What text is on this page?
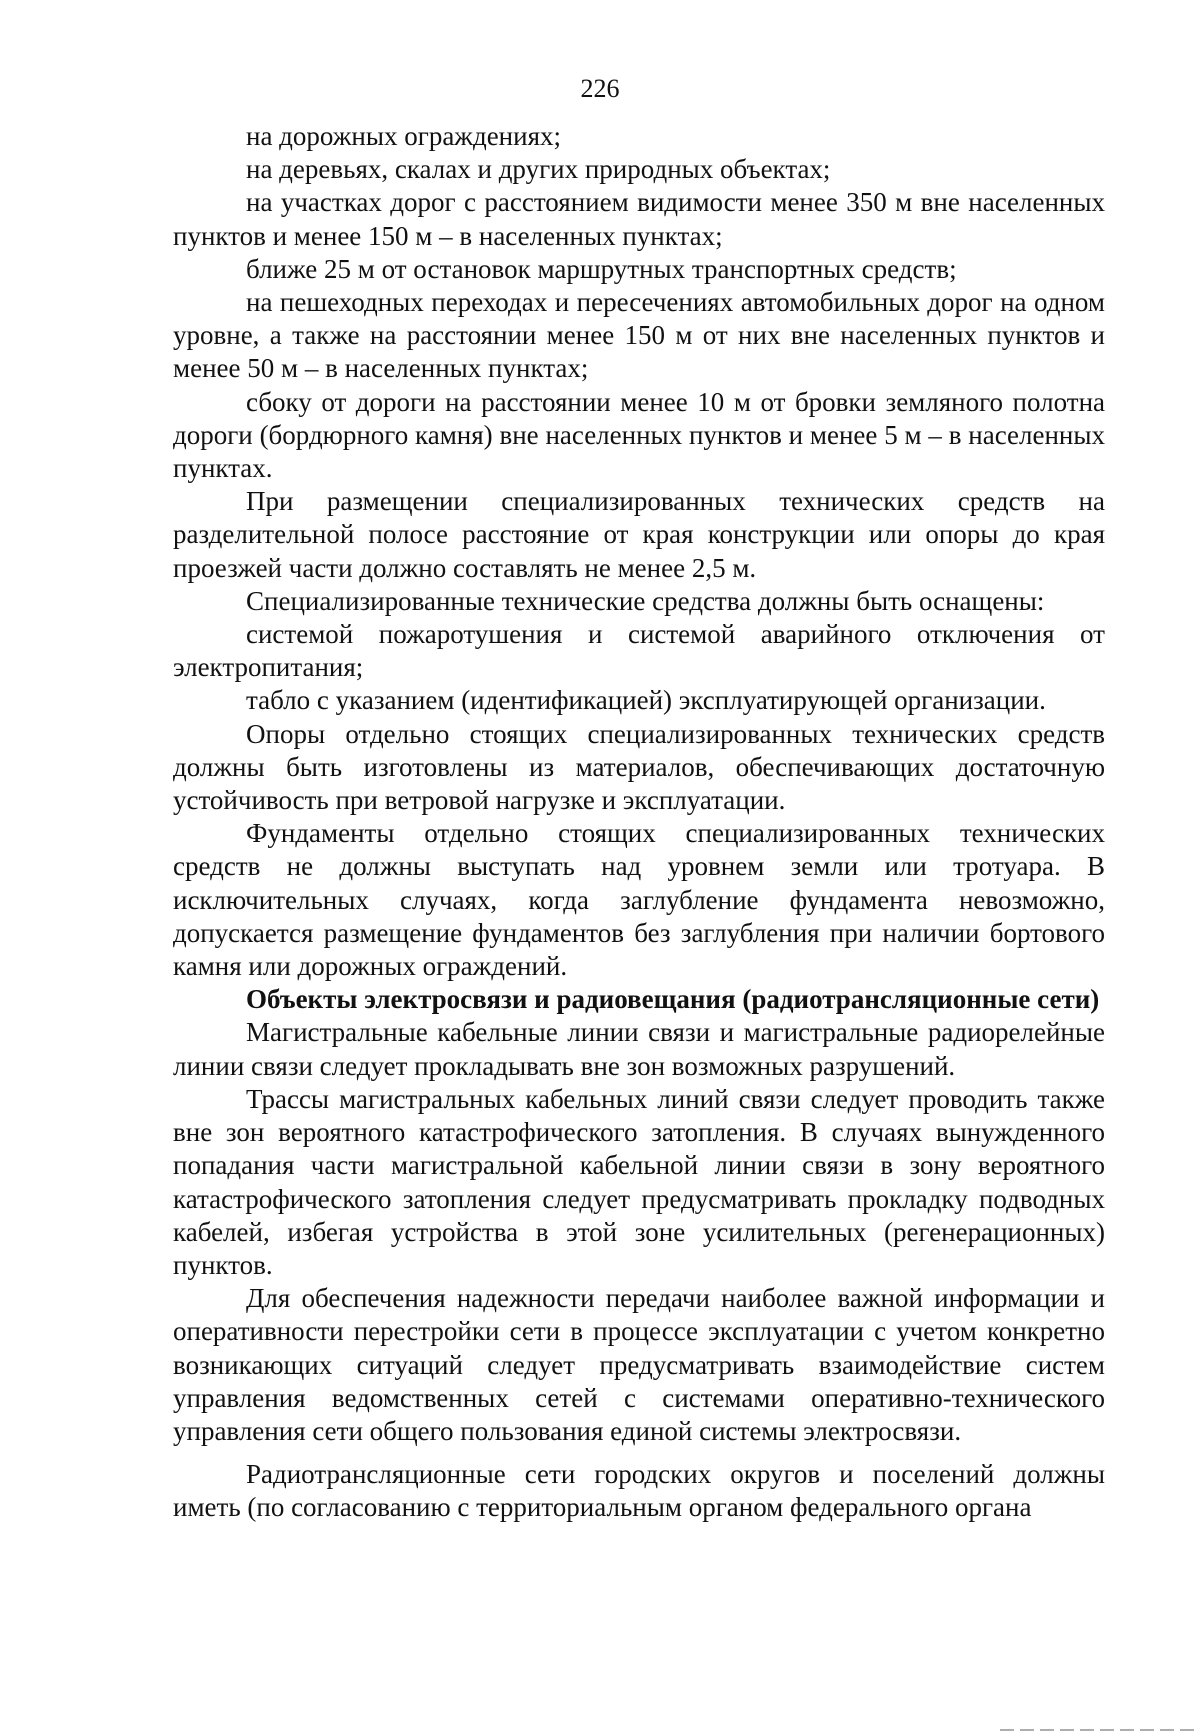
226

на дорожных ограждениях;

на деревьях, скалах и других природных объектах;

на участках дорог с расстоянием видимости менее 350 м вне населенных пунктов и менее 150 м – в населенных пунктах;

ближе 25 м от остановок маршрутных транспортных средств;

на пешеходных переходах и пересечениях автомобильных дорог на одном уровне, а также на расстоянии менее 150 м от них вне населенных пунктов и менее 50 м – в населенных пунктах;

сбоку от дороги на расстоянии менее 10 м от бровки земляного полотна дороги (бордюрного камня) вне населенных пунктов и менее 5 м – в населенных пунктах.

При размещении специализированных технических средств на разделительной полосе расстояние от края конструкции или опоры до края проезжей части должно составлять не менее 2,5 м.

Специализированные технические средства должны быть оснащены:

системой пожаротушения и системой аварийного отключения от электропитания;

табло с указанием (идентификацией) эксплуатирующей организации.

Опоры отдельно стоящих специализированных технических средств должны быть изготовлены из материалов, обеспечивающих достаточную устойчивость при ветровой нагрузке и эксплуатации.

Фундаменты отдельно стоящих специализированных технических средств не должны выступать над уровнем земли или тротуара. В исключительных случаях, когда заглубление фундамента невозможно, допускается размещение фундаментов без заглубления при наличии бортового камня или дорожных ограждений.

Объекты электросвязи и радиовещания (радиотрансляционные сети)

Магистральные кабельные линии связи и магистральные радиорелейные линии связи следует прокладывать вне зон возможных разрушений.

Трассы магистральных кабельных линий связи следует проводить также вне зон вероятного катастрофического затопления. В случаях вынужденного попадания части магистральной кабельной линии связи в зону вероятного катастрофического затопления следует предусматривать прокладку подводных кабелей, избегая устройства в этой зоне усилительных (регенерационных) пунктов.

Для обеспечения надежности передачи наиболее важной информации и оперативности перестройки сети в процессе эксплуатации с учетом конкретно возникающих ситуаций следует предусматривать взаимодействие систем управления ведомственных сетей с системами оперативно-технического управления сети общего пользования единой системы электросвязи.

Радиотрансляционные сети городских округов и поселений должны иметь (по согласованию с территориальным органом федерального органа
